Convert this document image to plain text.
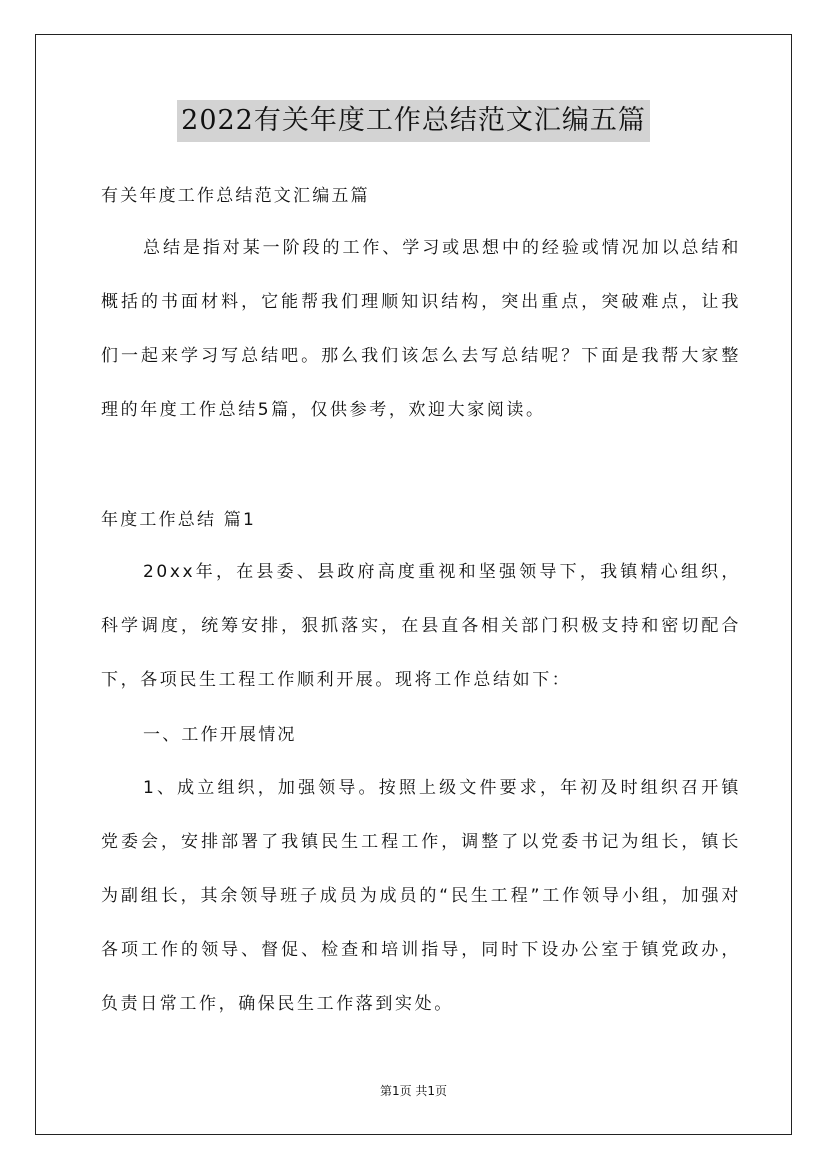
2022有关年度工作总结范文汇编五篇

有关年度工作总结范文汇编五篇

总结是指对某一阶段的工作、学习或思想中的经验或情况加以总结和概括的书面材料，它能帮我们理顺知识结构，突出重点，突破难点，让我们一起来学习写总结吧。那么我们该怎么去写总结呢？下面是我帮大家整理的年度工作总结5篇，仅供参考，欢迎大家阅读。

年度工作总结 篇1

20xx年，在县委、县政府高度重视和坚强领导下，我镇精心组织，科学调度，统筹安排，狠抓落实，在县直各相关部门积极支持和密切配合下，各项民生工程工作顺利开展。现将工作总结如下：

一、工作开展情况

1、成立组织，加强领导。按照上级文件要求，年初及时组织召开镇党委会，安排部署了我镇民生工程工作，调整了以党委书记为组长，镇长为副组长，其余领导班子成员为成员的“民生工程”工作领导小组，加强对各项工作的领导、督促、检查和培训指导，同时下设办公室于镇党政办，负责日常工作，确保民生工作落到实处。

第1页 共1页
